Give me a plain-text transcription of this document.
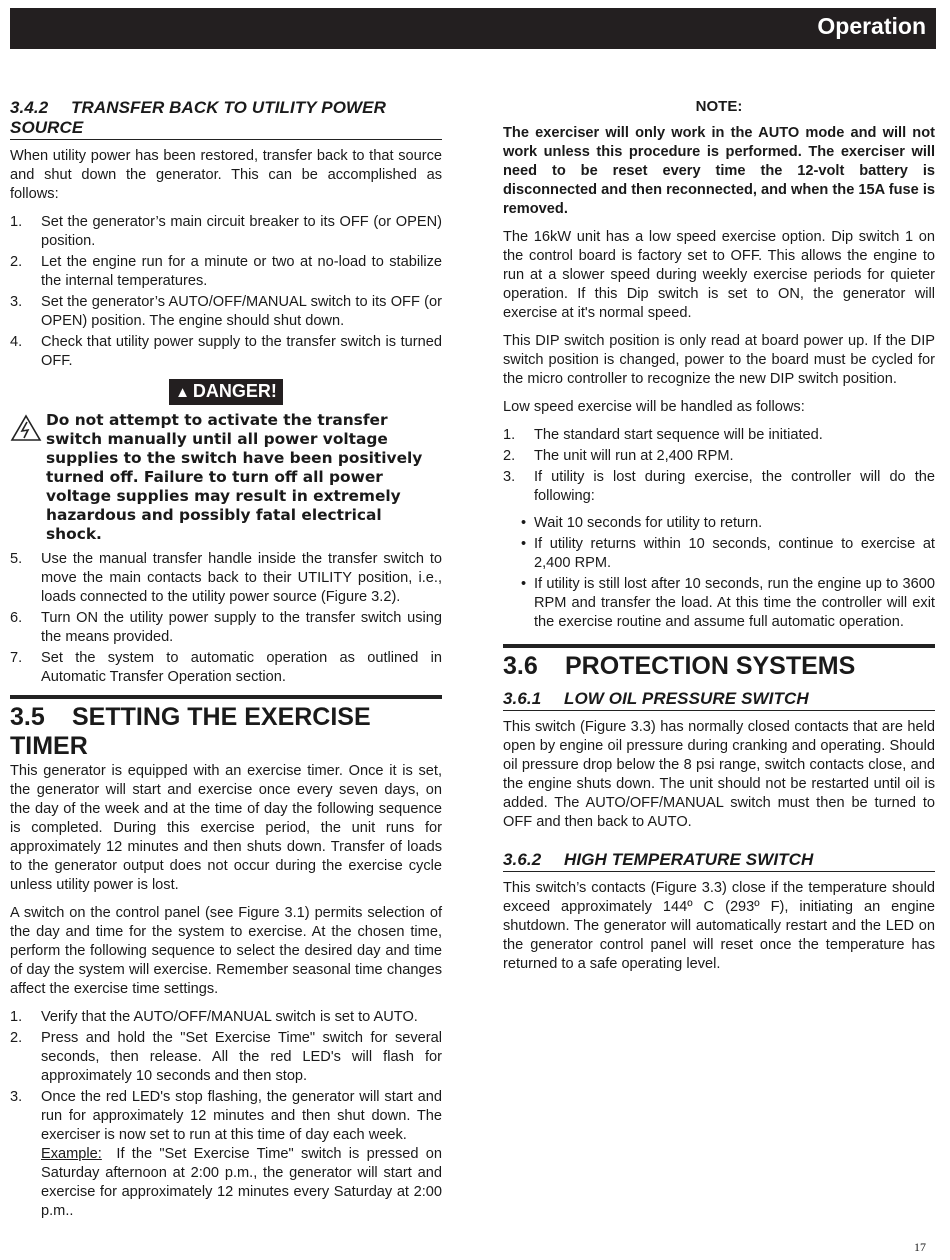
Operation
3.4.2 TRANSFER BACK TO UTILITY POWER SOURCE

When utility power has been restored, transfer back to that source and shut down the generator. This can be accomplished as follows:

1.	Set the generator’s main circuit breaker to its OFF (or OPEN) position.
2.	Let the engine run for a minute or two at no-load to stabilize the internal temperatures.
3.	Set the generator’s AUTO/OFF/MANUAL switch to its OFF (or OPEN) position. The engine should shut down.
4.	Check that utility power supply to the transfer switch is turned OFF.
▲ DANGER!
Do not attempt to activate the transfer switch manually until all power voltage supplies to the switch have been positively turned off. Failure to turn off all power voltage supplies may result in extremely hazardous and possibly fatal electrical shock.
5.	Use the manual transfer handle inside the transfer switch to move the main contacts back to their UTILITY position, i.e., loads connected to the utility power source (Figure 3.2).
6.	Turn ON the utility power supply to the transfer switch using the means provided.
7.	Set the system to automatic operation as outlined in Automatic Transfer Operation section.
3.5 SETTING THE EXERCISE TIMER

This generator is equipped with an exercise timer. Once it is set, the generator will start and exercise once every seven days, on the day of the week and at the time of day the following sequence is completed. During this exercise period, the unit runs for approximately 12 minutes and then shuts down. Transfer of loads to the generator output does not occur during the exercise cycle unless utility power is lost.

A switch on the control panel (see Figure 3.1) permits selection of the day and time for the system to exercise. At the chosen time, perform the following sequence to select the desired day and time of day the system will exercise. Remember seasonal time changes affect the exercise time settings.

1.	Verify that the AUTO/OFF/MANUAL switch is set to AUTO.
2.	Press and hold the "Set Exercise Time" switch for several seconds, then release. All the red LED's will flash for approximately 10 seconds and then stop.
3.	Once the red LED's stop flashing, the generator will start and run for approximately 12 minutes and then shut down. The exerciser is now set to run at this time of day each week.
Example: If the "Set Exercise Time" switch is pressed on Saturday afternoon at 2:00 p.m., the generator will start and exercise for approximately 12 minutes every Saturday at 2:00 p.m..
NOTE:
The exerciser will only work in the AUTO mode and will not work unless this procedure is performed. The exerciser will need to be reset every time the 12-volt battery is disconnected and then reconnected, and when the 15A fuse is removed.

The 16kW unit has a low speed exercise option. Dip switch 1 on the control board is factory set to OFF. This allows the engine to run at a slower speed during weekly exercise periods for quieter operation. If this Dip switch is set to ON, the generator will exercise at it's normal speed.

This DIP switch position is only read at board power up. If the DIP switch position is changed, power to the board must be cycled for the micro controller to recognize the new DIP switch position.

Low speed exercise will be handled as follows:

1.	The standard start sequence will be initiated.
2.	The unit will run at 2,400 RPM.
3.	If utility is lost during exercise, the controller will do the following:
• Wait 10 seconds for utility to return.
• If utility returns within 10 seconds, continue to exercise at 2,400 RPM.
• If utility is still lost after 10 seconds, run the engine up to 3600 RPM and transfer the load. At this time the controller will exit the exercise routine and assume full automatic operation.
3.6 PROTECTION SYSTEMS
3.6.1 LOW OIL PRESSURE SWITCH

This switch (Figure 3.3) has normally closed contacts that are held open by engine oil pressure during cranking and operating. Should oil pressure drop below the 8 psi range, switch contacts close, and the engine shuts down. The unit should not be restarted until oil is added. The AUTO/OFF/MANUAL switch must then be turned to OFF and then back to AUTO.

3.6.2 HIGH TEMPERATURE SWITCH

This switch’s contacts (Figure 3.3) close if the temperature should exceed approximately 144º C (293º F), initiating an engine shutdown. The generator will automatically restart and the LED on the generator control panel will reset once the temperature has returned to a safe operating level.

17
